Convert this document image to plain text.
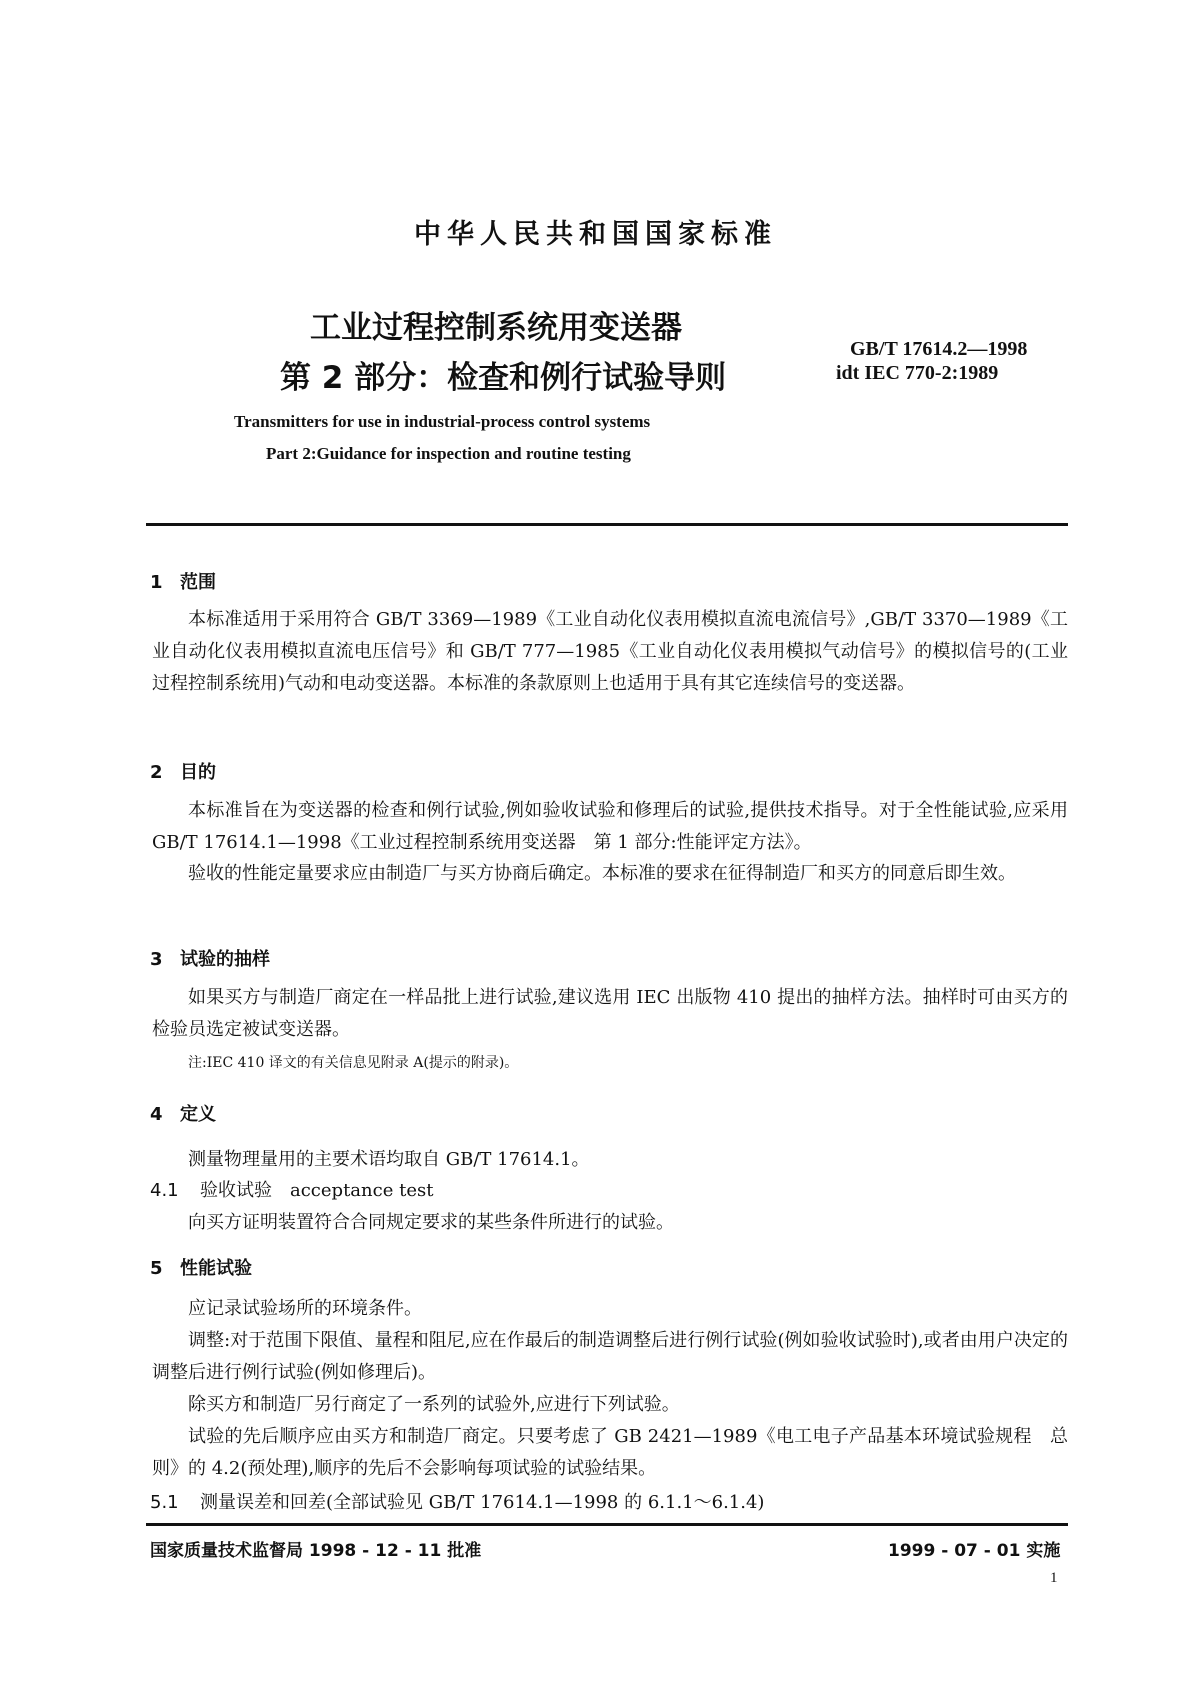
中华人民共和国国家标准
工业过程控制系统用变送器
第 2 部分：检查和例行试验导则
GB/T 17614.2—1998
idt IEC 770-2:1989
Transmitters for use in industrial-process control systems
Part 2:Guidance for inspection and routine testing
1 范围
本标准适用于采用符合 GB/T 3369—1989《工业自动化仪表用模拟直流电流信号》,GB/T 3370—1989《工业自动化仪表用模拟直流电压信号》和 GB/T 777—1985《工业自动化仪表用模拟气动信号》的模拟信号的(工业过程控制系统用)气动和电动变送器。本标准的条款原则上也适用于具有其它连续信号的变送器。
2 目的
本标准旨在为变送器的检查和例行试验,例如验收试验和修理后的试验,提供技术指导。对于全性能试验,应采用 GB/T 17614.1—1998《工业过程控制系统用变送器　第 1 部分:性能评定方法》。
验收的性能定量要求应由制造厂与买方协商后确定。本标准的要求在征得制造厂和买方的同意后即生效。
3 试验的抽样
如果买方与制造厂商定在一样品批上进行试验,建议选用 IEC 出版物 410 提出的抽样方法。抽样时可由买方的检验员选定被试变送器。
注:IEC 410 译文的有关信息见附录 A(提示的附录)。
4 定义
测量物理量用的主要术语均取自 GB/T 17614.1。
4.1 验收试验　acceptance test
向买方证明装置符合合同规定要求的某些条件所进行的试验。
5 性能试验
应记录试验场所的环境条件。
调整:对于范围下限值、量程和阻尼,应在作最后的制造调整后进行例行试验(例如验收试验时),或者由用户决定的调整后进行例行试验(例如修理后)。
除买方和制造厂另行商定了一系列的试验外,应进行下列试验。
试验的先后顺序应由买方和制造厂商定。只要考虑了 GB 2421—1989《电工电子产品基本环境试验规程　总则》的 4.2(预处理),顺序的先后不会影响每项试验的试验结果。
5.1 测量误差和回差(全部试验见 GB/T 17614.1—1998 的 6.1.1～6.1.4)
国家质量技术监督局 1998 - 12 - 11 批准	1999 - 07 - 01 实施
1
